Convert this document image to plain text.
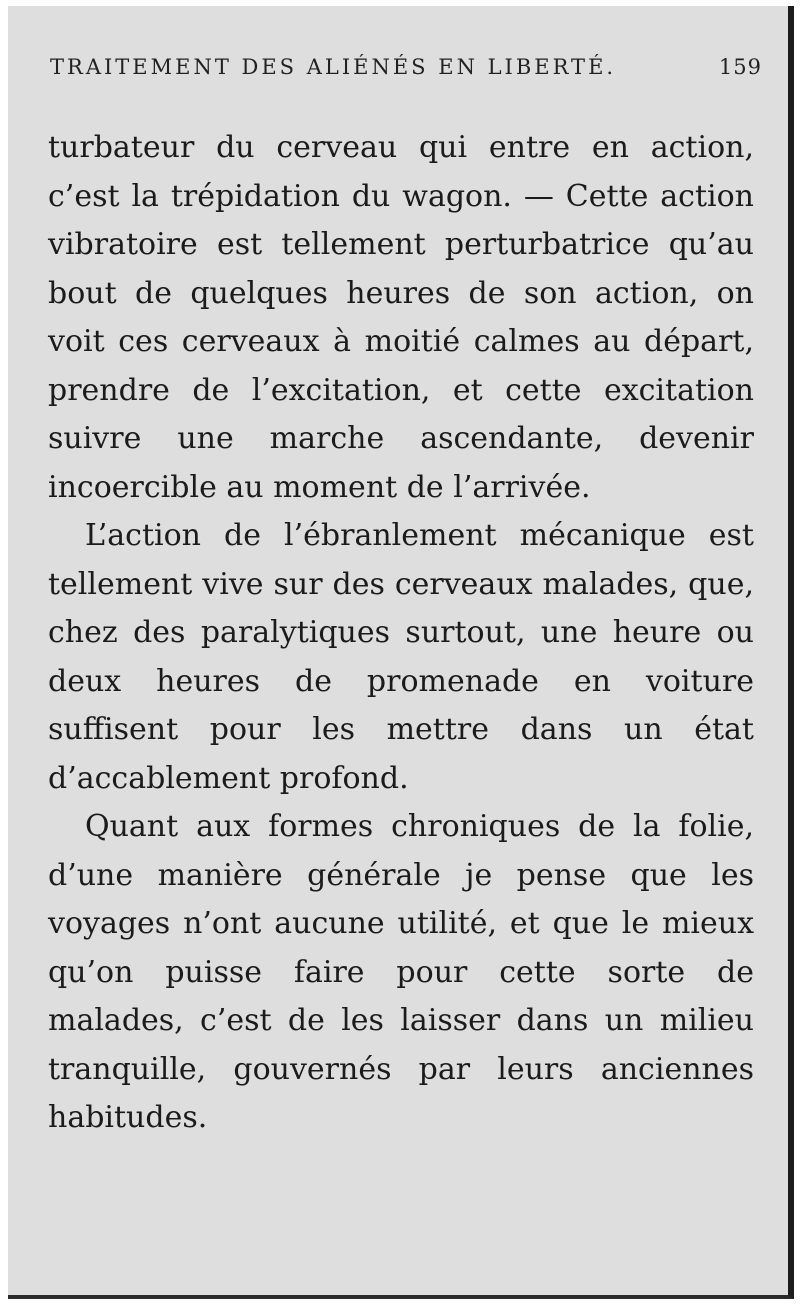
TRAITEMENT DES ALIÉNÉS EN LIBERTÉ.	159

turbateur du cerveau qui entre en action, c’est la trépidation du wagon. — Cette action vibratoire est tellement perturbatrice qu’au bout de quelques heures de son action, on voit ces cerveaux à moitié calmes au départ, prendre de l’excitation, et cette excitation suivre une marche ascendante, devenir incoercible au moment de l’arrivée.

L’action de l’ébranlement mécanique est tellement vive sur des cerveaux malades, que, chez des paralytiques surtout, une heure ou deux heures de promenade en voiture suffisent pour les mettre dans un état d’accablement profond.

Quant aux formes chroniques de la folie, d’une manière générale je pense que les voyages n’ont aucune utilité, et que le mieux qu’on puisse faire pour cette sorte de malades, c’est de les laisser dans un milieu tranquille, gouvernés par leurs anciennes habitudes.
